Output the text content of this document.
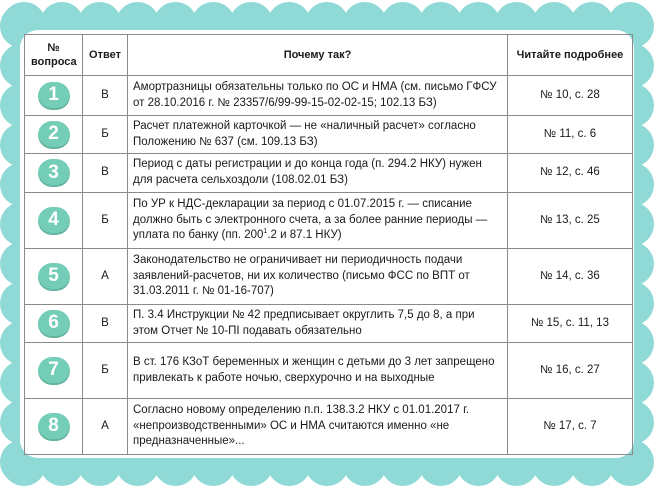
№
вопроса	Ответ	Почему так?	Читайте подробнее
1	В	Амортразницы обязательны только по ОС и НМА (см. письмо ГФСУ от 28.10.2016 г. № 23357/6/99-99-15-02-02-15; 102.13 БЗ)	№ 10, с. 28
2	Б	Расчет платежной карточкой — не «наличный расчет» согласно Положению № 637 (см. 109.13 БЗ)	№ 11, с. 6
3	В	Период с даты регистрации и до конца года (п. 294.2 НКУ) нужен для расчета сельхоздоли (108.02.01 БЗ)	№ 12, с. 46
4	Б	По УР к НДС-декларации за период с 01.07.2015 г. — списание должно быть с электронного счета, а за более ранние периоды — уплата по банку (пп. $200^1.2$ и 87.1 НКУ)	№ 13, с. 25
5	А	Законодательство не ограничивает ни периодичность подачи заявлений-расчетов, ни их количество (письмо ФСС по ВПТ от 31.03.2011 г. № 01-16-707)	№ 14, с. 36
6	В	П. 3.4 Инструкции № 42 предписывает округлить 7,5 до 8, а при этом Отчет № 10-ПІ подавать обязательно	№ 15, с. 11, 13
7	Б	В ст. 176 КЗоТ беременных и женщин с детьми до 3 лет запрещено привлекать к работе ночью, сверхурочно и на выходные	№ 16, с. 27
8	А	Согласно новому определению п.п. 138.3.2 НКУ с 01.01.2017 г. «непроизводственными» ОС и НМА считаются именно «не предназначенные»...	№ 17, с. 7
